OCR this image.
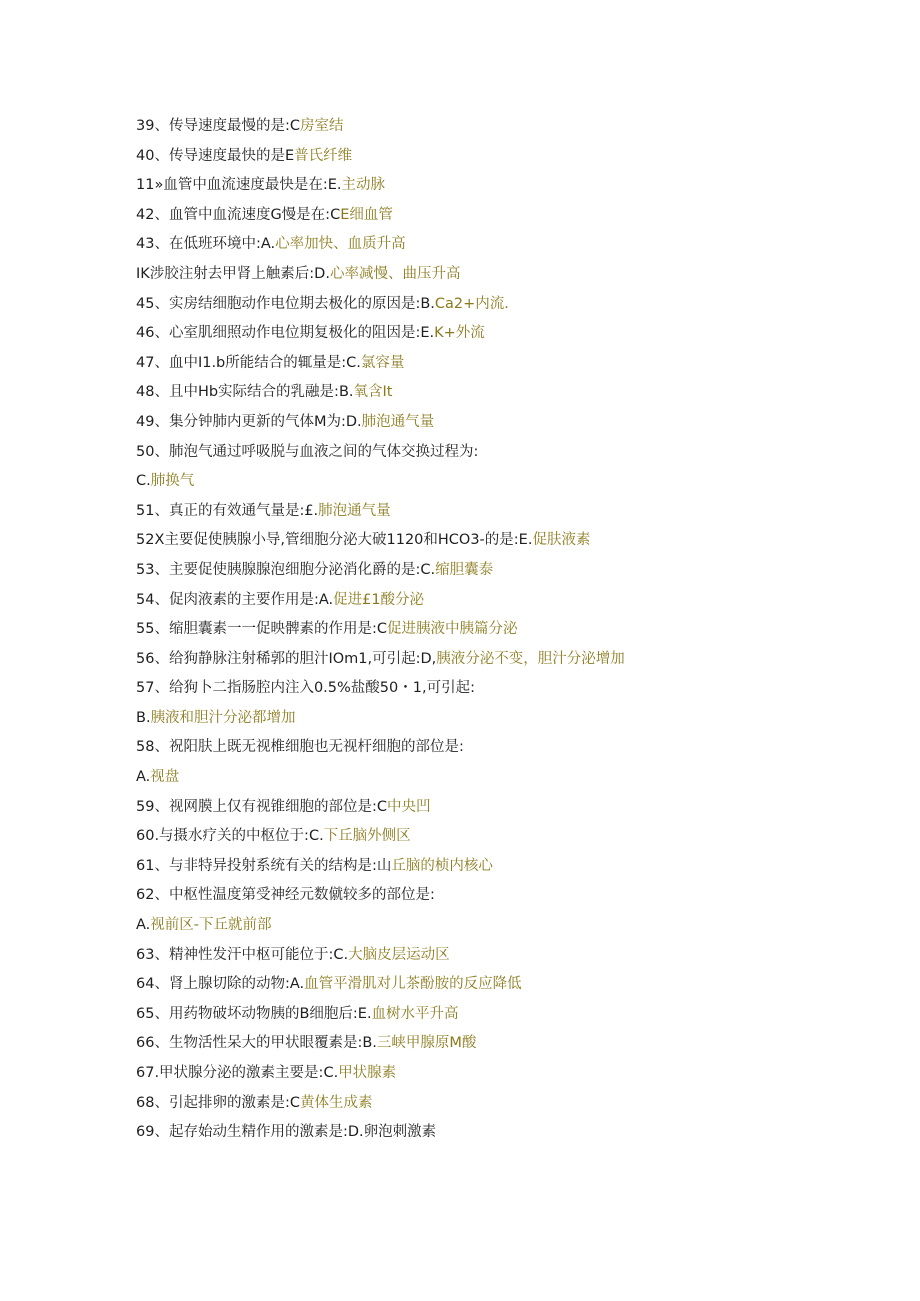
39、传导速度最慢的是:C房室结
40、传导速度最快的是E普氏纤维
11»血管中血流速度最快是在:E.主动脉
42、血管中血流速度G慢是在:CE细血管
43、在低班环境中:A.心率加快、血质升高
IK涉胶注射去甲肾上触素后:D.心率减慢、曲压升高
45、实房结细胞动作电位期去极化的原因是:B.Ca2+内流.
46、心室肌细照动作电位期复极化的阻因是:E.K+外流
47、血中I1.b所能结合的辄量是:C.氯容量
48、且中Hb实际结合的乳融是:B.氧含It
49、集分钟肺内更新的气体M为:D.肺泡通气量
50、肺泡气通过呼吸脱与血液之间的气体交换过程为:
C.肺换气
51、真正的有效通气量是:£.肺泡通气量
52X主要促使胰腺小导,管细胞分泌大破1120和HCO3-的是:E.促肤液素
53、主要促使胰腺腺泡细胞分泌消化爵的是:C.缩胆囊泰
54、促肉液素的主要作用是:A.促进£1酸分泌
55、缩胆囊素一一促映髀素的作用是:C促进胰液中胰篇分泌
56、给狗静脉注射稀郭的胆汁IOm1,可引起:D,胰液分泌不变，胆汁分泌增加
57、给狗卜二指肠腔内注入0.5%盐酸50・1,可引起:
B.胰液和胆汁分泌都增加
58、祝阳肤上既无视椎细胞也无视杆细胞的部位是:
A.视盘
59、视网膜上仅有视锥细胞的部位是:C中央凹
60.与摄水疗关的中枢位于:C.下丘脑外侧区
61、与非特异投射系统有关的结构是:山丘脑的桢内核心
62、中枢性温度第受神经元数僦较多的部位是:
A.视前区-下丘就前部
63、精神性发汗中枢可能位于:C.大脑皮层运动区
64、肾上腺切除的动物:A.血管平滑肌对儿茶酚胺的反应降低
65、用药物破坏动物胰的B细胞后:E.血树水平升高
66、生物活性呆大的甲状眼覆素是:B.三峡甲腺原M酸
67.甲状腺分泌的激素主要是:C.甲状腺素
68、引起排卵的激素是:C黄体生成素
69、起存始动生精作用的激素是:D.卵泡刺激素
